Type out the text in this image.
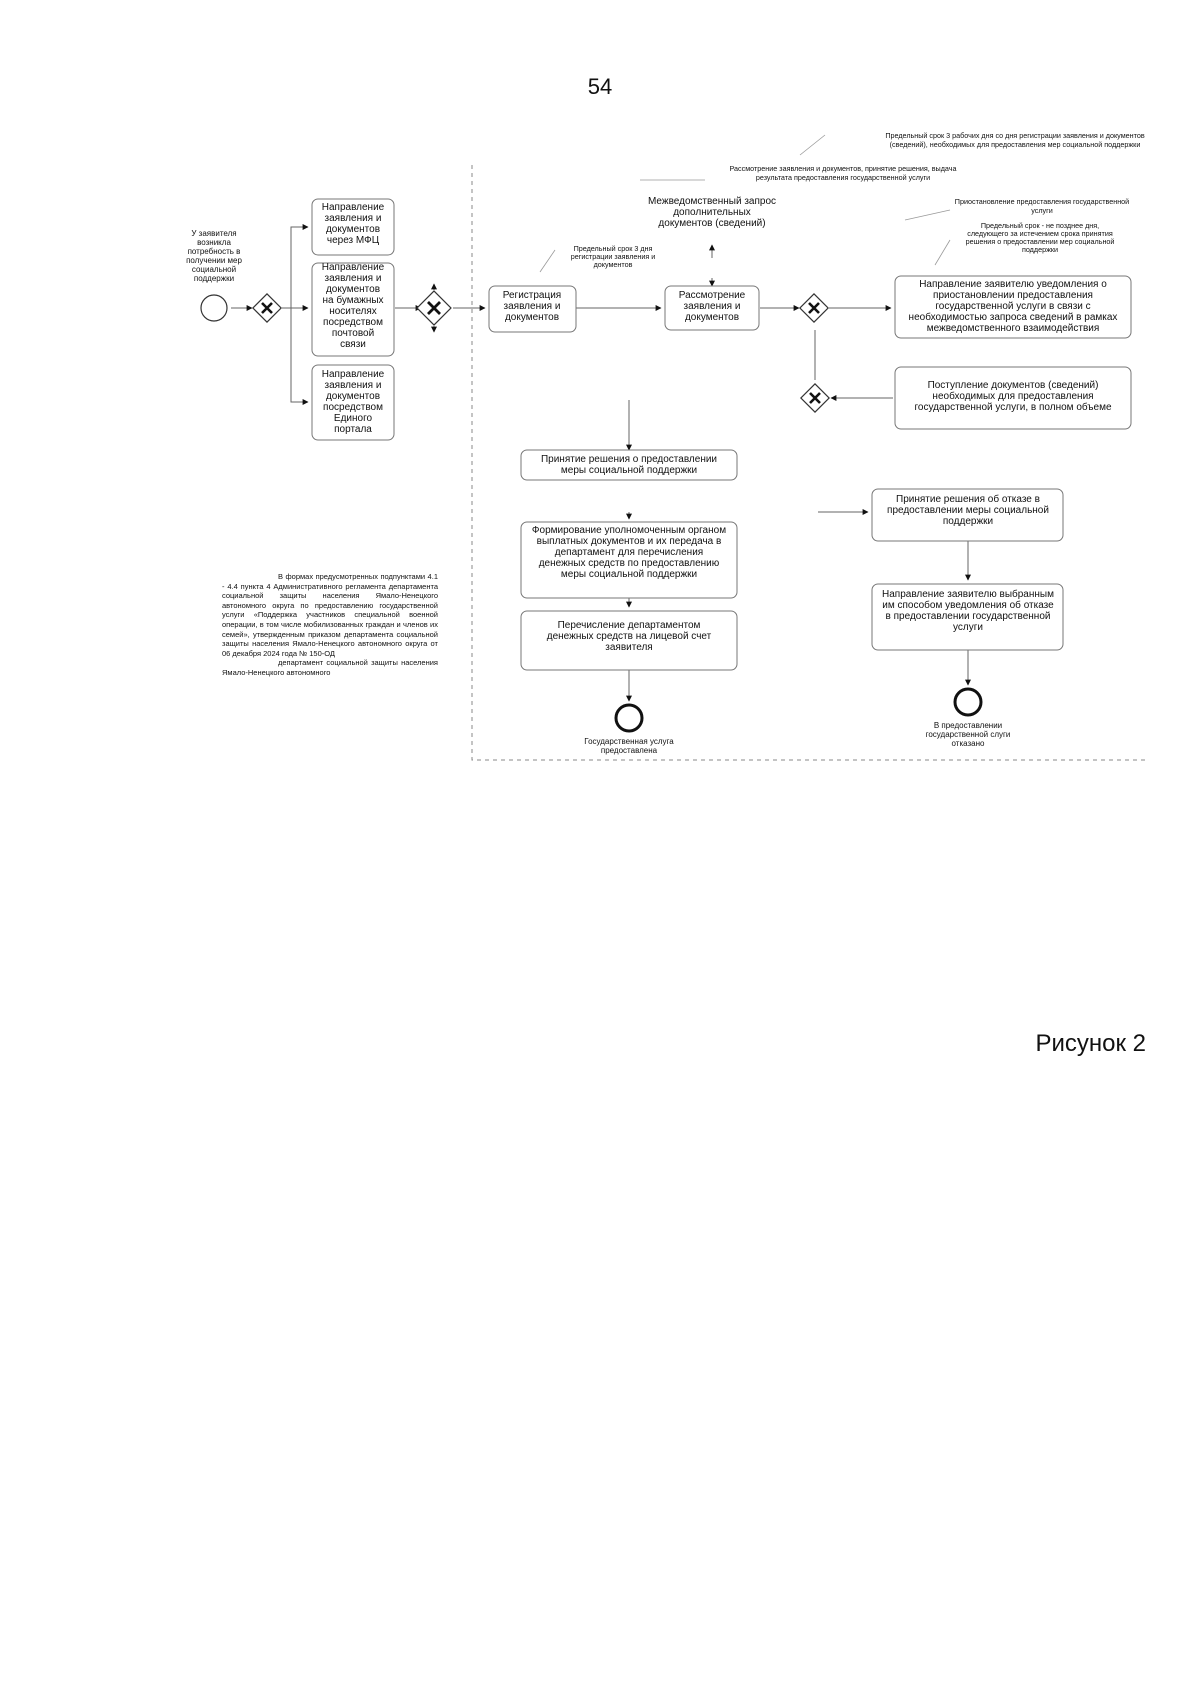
54
У заявителя возникла потребность в получении мер социальной поддержки
Направление заявления и документов через МФЦ
Направление заявления и документов на бумажных носителях посредством почтовой связи
Направление заявления и документов посредством Единого портала
Регистрация заявления и документов
Межведомственный запрос дополнительных документов (сведений)
Рассмотрение заявления и документов
Направление заявителю уведомления о приостановлении предоставления государственной услуги в связи с необходимостью запроса сведений в рамках межведомственного взаимодействия
Поступление документов (сведений) необходимых для предоставления государственной услуги, в полном объеме
Принятие решения о предоставлении меры социальной поддержки
Формирование уполномоченным органом выплатных документов и их передача в департамент для перечисления денежных средств по предоставлению меры социальной поддержки
Перечисление департаментом денежных средств на лицевой счет заявителя
Принятие решения об отказе в предоставлении меры социальной поддержки
Направление заявителю выбранным им способом уведомления об отказе в предоставлении государственной услуги
Государственная услуга предоставлена
В предоставлении государственной слуги отказано
Предельный срок 3 рабочих дня со дня регистрации заявления и документов (сведений), необходимых для предоставления мер социальной поддержки
Рассмотрение заявления и документов, принятие решения, выдача результата предоставления государственной услуги
Предельный срок 3 дня регистрации заявления и документов
Приостановление предоставления государственной услуги
Предельный срок - не позднее дня, следующего за истечением срока принятия решения о предоставлении мер социальной поддержки
Рисунок 2

В формах предусмотренных подпунктами 4.1 - 4.4 пункта 4 Административного регламента департамента социальной защиты населения Ямало-Ненецкого автономного округа по предоставлению государственной услуги «Поддержка участников специальной военной операции, в том числе мобилизованных граждан и членов их семей», утвержденным приказом департамента социальной защиты населения Ямало-Ненецкого автономного округа от 06 декабря 2024 года № 150-ОД

департамент социальной защиты населения Ямало-Ненецкого автономного
